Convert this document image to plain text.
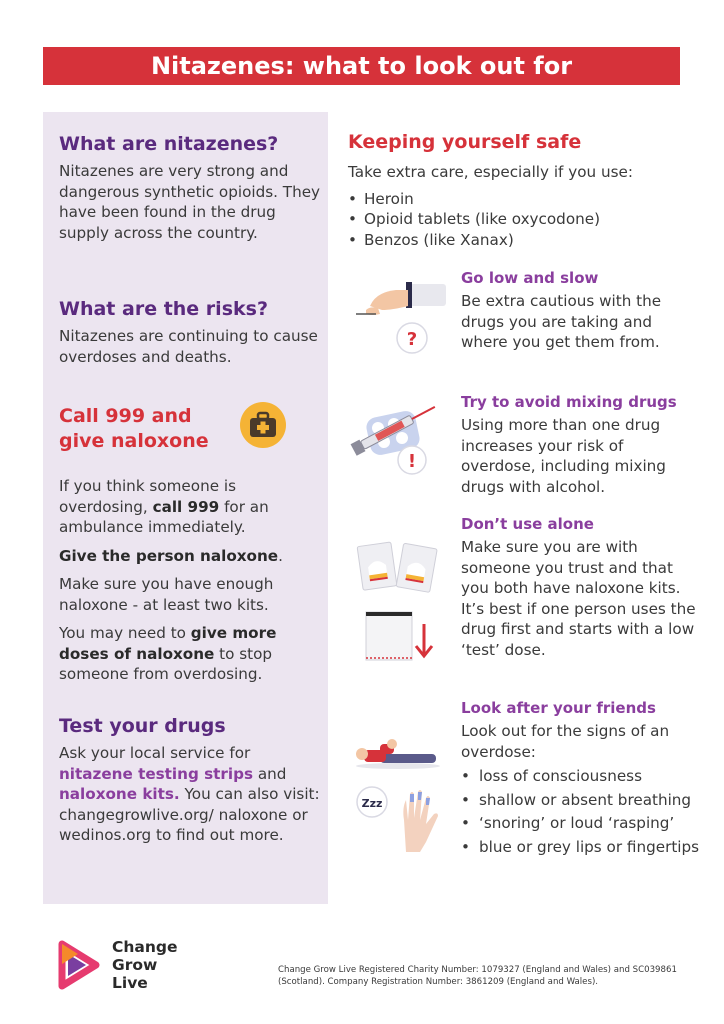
Nitazenes: what to look out for
What are nitazenes?

Nitazenes are very strong and dangerous synthetic opioids. They have been found in the drug supply across the country.

What are the risks?

Nitazenes are continuing to cause overdoses and deaths.

Call 999 and
give naloxone

If you think someone is overdosing, call 999 for an ambulance immediately.

Give the person naloxone.

Make sure you have enough naloxone - at least two kits.

You may need to give more doses of naloxone to stop someone from overdosing.

Test your drugs

Ask your local service for nitazene testing strips and naloxone kits. You can also visit: changegrowlive.org/ naloxone or wedinos.org to find out more.

Keeping yourself safe

Take extra care, especially if you use:

• Heroin
• Opioid tablets (like oxycodone)
• Benzos (like Xanax)
Go low and slow

Be extra cautious with the drugs you are taking and where you get them from.

?
Try to avoid mixing drugs

Using more than one drug increases your risk of overdose, including mixing drugs with alcohol.

!
Don’t use alone

Make sure you are with someone you trust and that you both have naloxone kits. It’s best if one person uses the drug first and starts with a low ‘test’ dose.

Look after your friends

Look out for the signs of an overdose:

• loss of consciousness
• shallow or absent breathing
• ‘snoring’ or loud ‘rasping’
• blue or grey lips or fingertips
Zzz
Change
Grow
Live
Change Grow Live Registered Charity Number: 1079327 (England and Wales) and SC039861 (Scotland). Company Registration Number: 3861209 (England and Wales).
